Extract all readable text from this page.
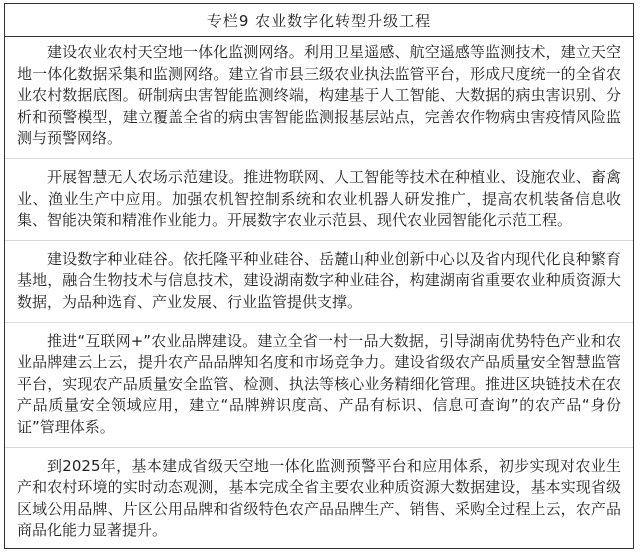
专栏9 农业数字化转型升级工程

建设农业农村天空地一体化监测网络。利用卫星遥感、航空遥感等监测技术，建立天空地一体化数据采集和监测网络。建立省市县三级农业执法监管平台，形成尺度统一的全省农业农村数据底图。研制病虫害智能监测终端，构建基于人工智能、大数据的病虫害识别、分析和预警模型，建立覆盖全省的病虫害智能监测报基层站点，完善农作物病虫害疫情风险监测与预警网络。

开展智慧无人农场示范建设。推进物联网、人工智能等技术在种植业、设施农业、畜禽业、渔业生产中应用。加强农机智控制系统和农业机器人研发推广，提高农机装备信息收集、智能决策和精准作业能力。开展数字农业示范县、现代农业园智能化示范工程。

建设数字种业硅谷。依托隆平种业硅谷、岳麓山种业创新中心以及省内现代化良种繁育基地，融合生物技术与信息技术，建设湖南数字种业硅谷，构建湖南省重要农业种质资源大数据，为品种选育、产业发展、行业监管提供支撑。

推进“互联网+”农业品牌建设。建立全省一村一品大数据，引导湖南优势特色产业和农业品牌建云上云，提升农产品品牌知名度和市场竞争力。建设省级农产品质量安全智慧监管平台，实现农产品质量安全监管、检测、执法等核心业务精细化管理。推进区块链技术在农产品质量安全领域应用，建立“品牌辨识度高、产品有标识、信息可查询”的农产品“身份证”管理体系。

到2025年，基本建成省级天空地一体化监测预警平台和应用体系，初步实现对农业生产和农村环境的实时动态观测，基本完成全省主要农业种质资源大数据建设，基本实现省级区域公用品牌、片区公用品牌和省级特色农产品品牌生产、销售、采购全过程上云，农产品商品化能力显著提升。
